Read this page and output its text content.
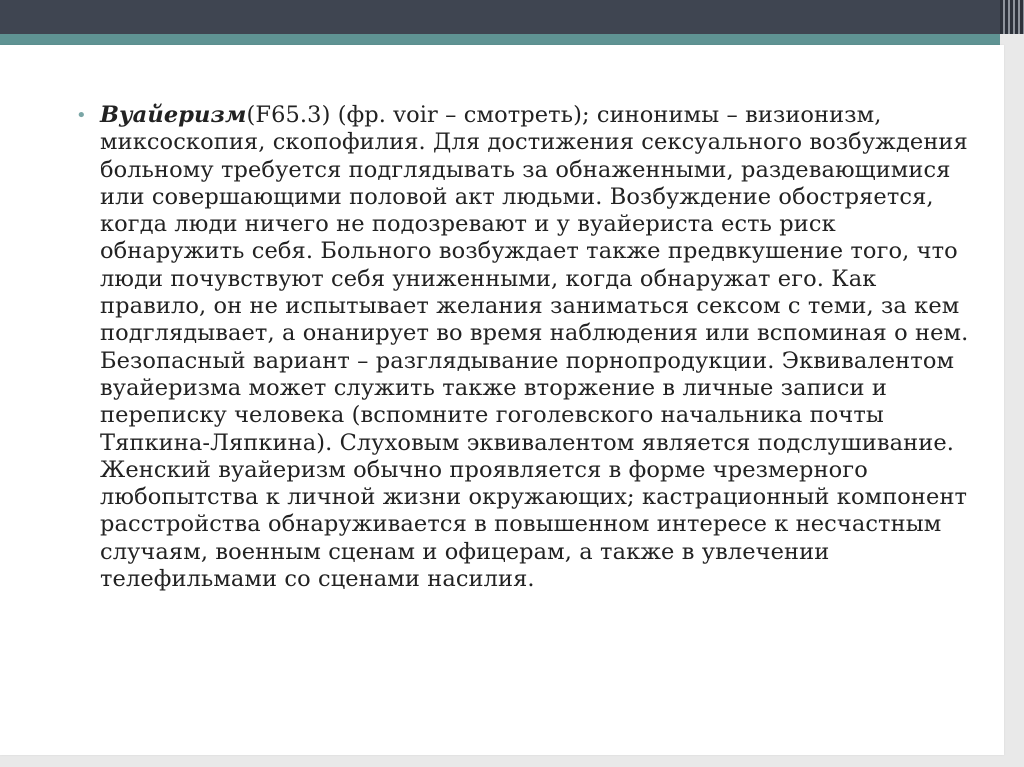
• Вуайеризм(F65.3) (фр. voir – смотреть); синонимы – визионизм, миксоскопия, скопофилия. Для достижения сексуального возбуждения больному требуется подглядывать за обнаженными, раздевающимися или совершающими половой акт людьми. Возбуждение обостряется, когда люди ничего не подозревают и у вуайериста есть риск обнаружить себя. Больного возбуждает также предвкушение того, что люди почувствуют себя униженными, когда обнаружат его. Как правило, он не испытывает желания заниматься сексом с теми, за кем подглядывает, а онанирует во время наблюдения или вспоминая о нем. Безопасный вариант – разглядывание порнопродукции. Эквивалентом вуайеризма может служить также вторжение в личные записи и переписку человека (вспомните гоголевского начальника почты Тяпкина-Ляпкина). Слуховым эквивалентом является подслушивание. Женский вуайеризм обычно проявляется в форме чрезмерного любопытства к личной жизни окружающих; кастрационный компонент расстройства обнаруживается в повышенном интересе к несчастным случаям, военным сценам и офицерам, а также в увлечении телефильмами со сценами насилия.
